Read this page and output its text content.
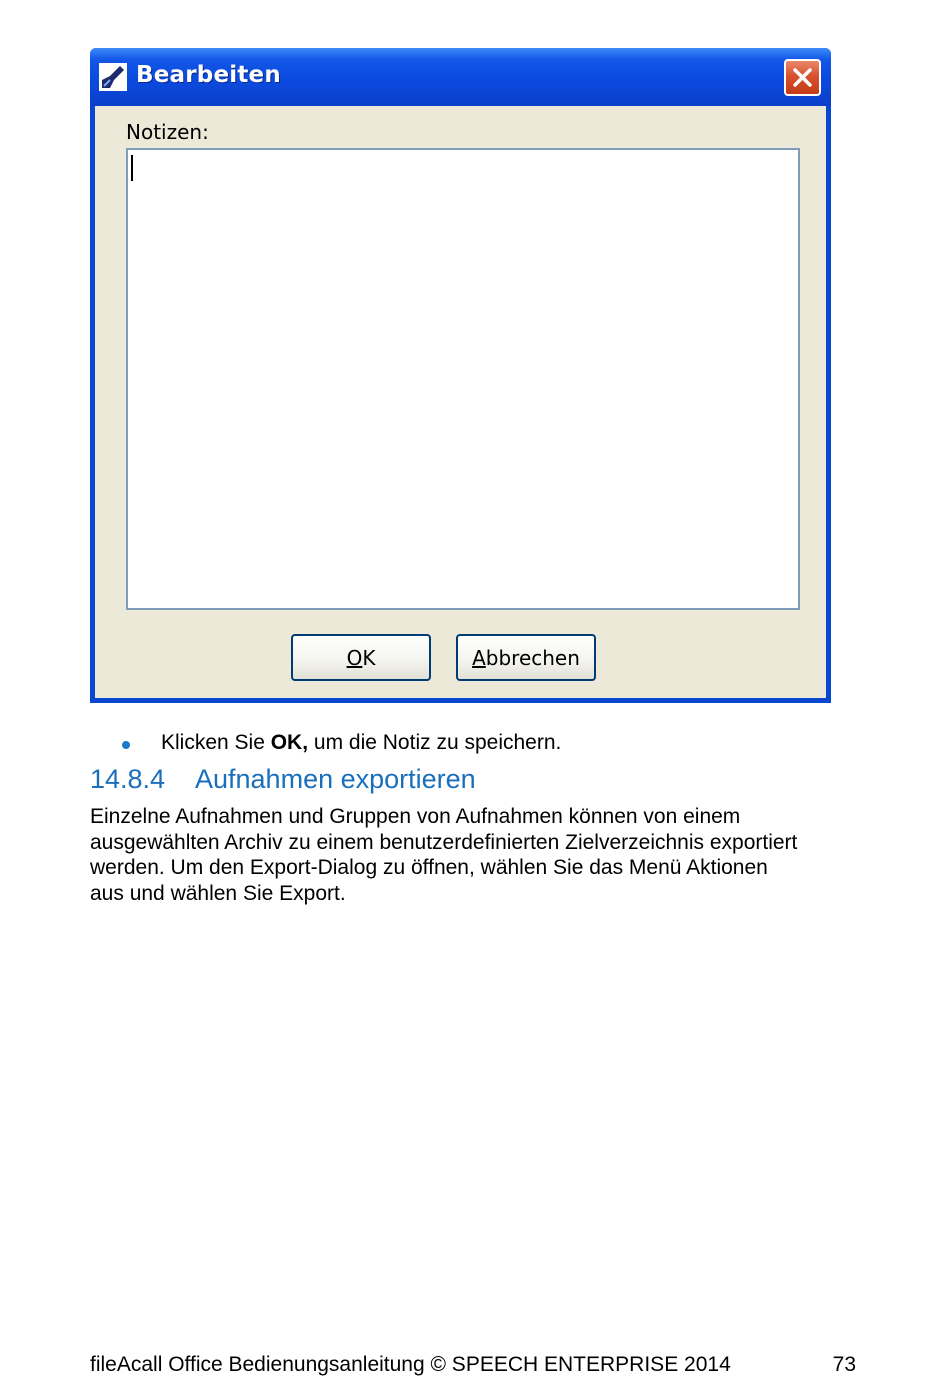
Bearbeiten
Notizen:
O K	A bbrechen
Klicken Sie OK, um die Notiz zu speichern.
14.8.4 Aufnahmen exportieren
Einzelne Aufnahmen und Gruppen von Aufnahmen können von einem
ausgewählten Archiv zu einem benutzerdefinierten Zielverzeichnis exportiert
werden. Um den Export-Dialog zu öffnen, wählen Sie das Menü Aktionen
aus und wählen Sie Export.
fileAcall Office Bedienungsanleitung © SPEECH ENTERPRISE 2014	73
